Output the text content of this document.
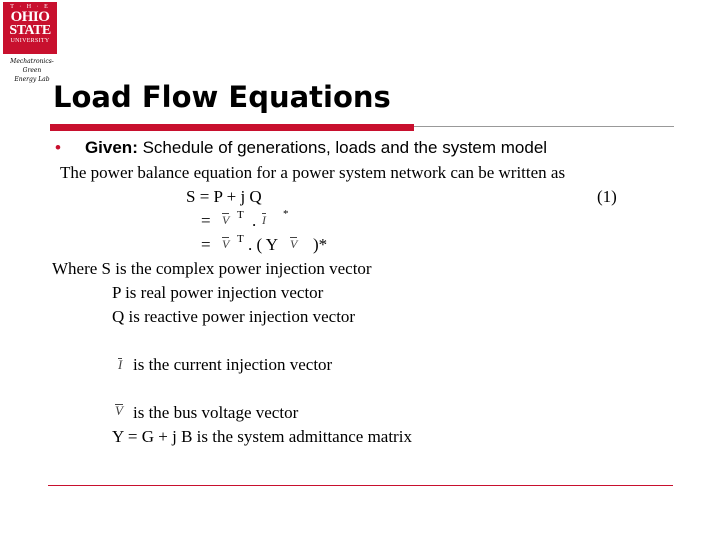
T · H · E
OHIO
STATE
UNIVERSITY
Mechatronics-Green
Energy Lab
Load Flow Equations
• Given: Schedule of generations, loads and the system model
The power balance equation for a power system network can be written as
S = P + j Q	(1)
= V T . I *
= V T . ( Y V )*
Where S is the complex power injection vector
P is real power injection vector
Q is reactive power injection vector
I is the current injection vector
V is the bus voltage vector
Y = G + j B is the system admittance matrix
